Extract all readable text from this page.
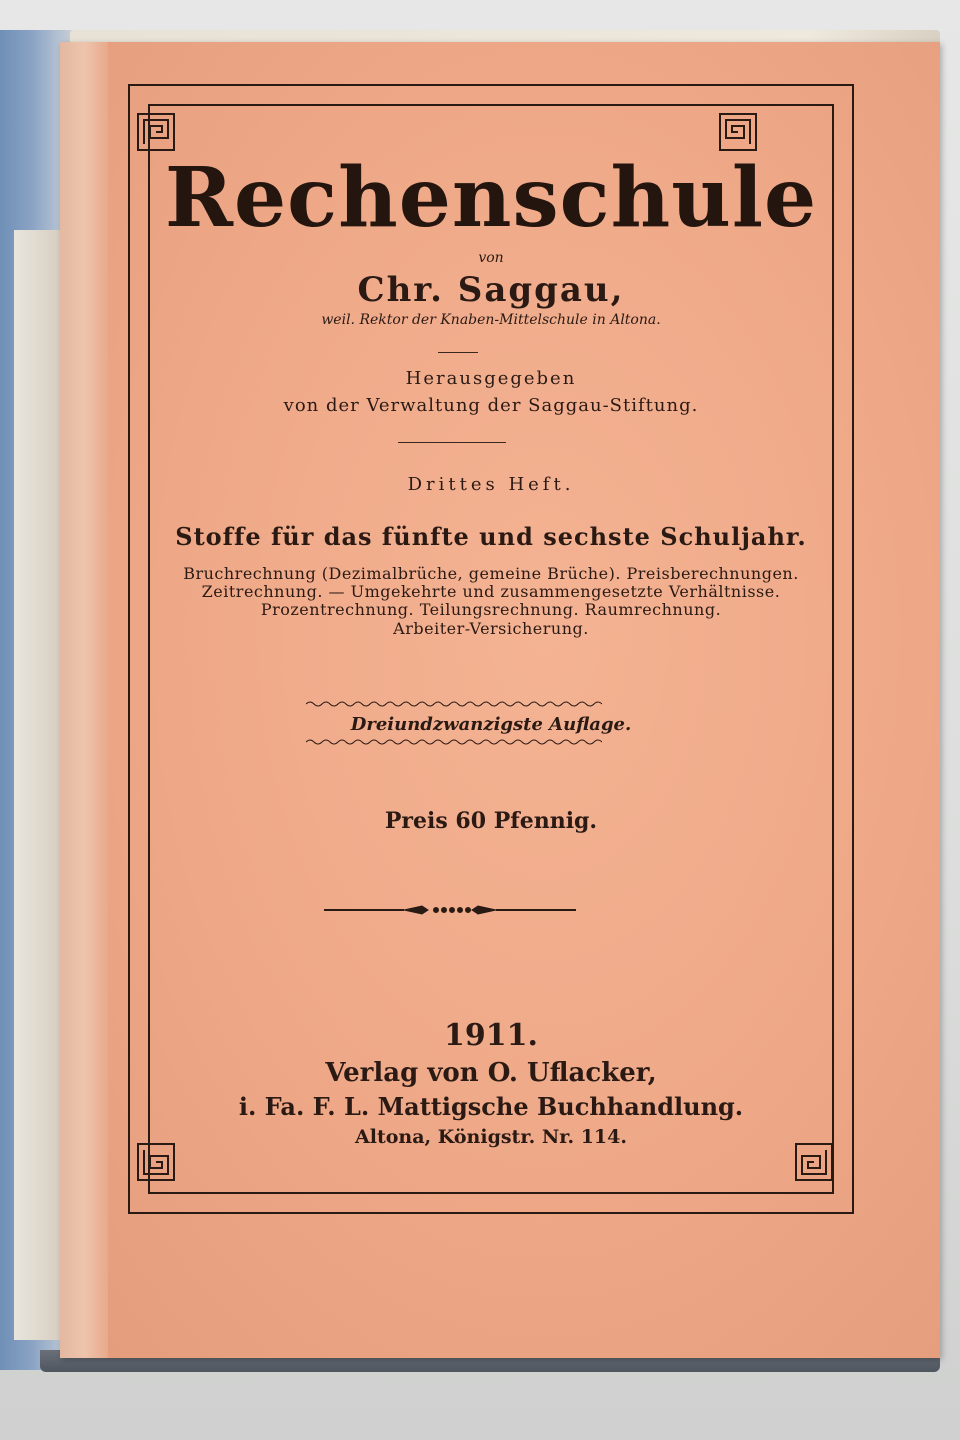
Rechenschule

von

Chr. Saggau,

weil. Rektor der Knaben-Mittelschule in Altona.

Herausgegeben

von der Verwaltung der Saggau-Stiftung.

Drittes Heft.

Stoffe für das fünfte und sechste Schuljahr.

Bruchrechnung (Dezimalbrüche, gemeine Brüche). Preisberechnungen.

Zeitrechnung. — Umgekehrte und zusammengesetzte Verhältnisse.

Prozentrechnung. Teilungsrechnung. Raumrechnung.

Arbeiter-Versicherung.

Dreiundzwanzigste Auflage.

Preis 60 Pfennig.

1911.

Verlag von O. Uflacker,

i. Fa. F. L. Mattigsche Buchhandlung.

Altona, Königstr. Nr. 114.
